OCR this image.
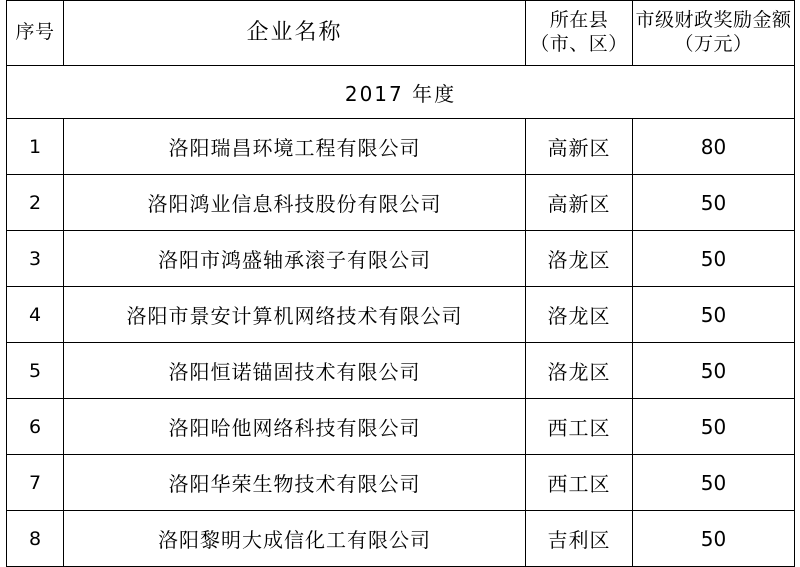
序号	企业名称	所在县（市、区）	市级财政奖励金额 （万元）
2017 年度			
1	洛阳瑞昌环境工程有限公司	高新区	80
2	洛阳鸿业信息科技股份有限公司	高新区	50
3	洛阳市鸿盛轴承滚子有限公司	洛龙区	50
4	洛阳市景安计算机网络技术有限公司	洛龙区	50
5	洛阳恒诺锚固技术有限公司	洛龙区	50
6	洛阳哈他网络科技有限公司	西工区	50
7	洛阳华荣生物技术有限公司	西工区	50
8	洛阳黎明大成信化工有限公司	吉利区	50
